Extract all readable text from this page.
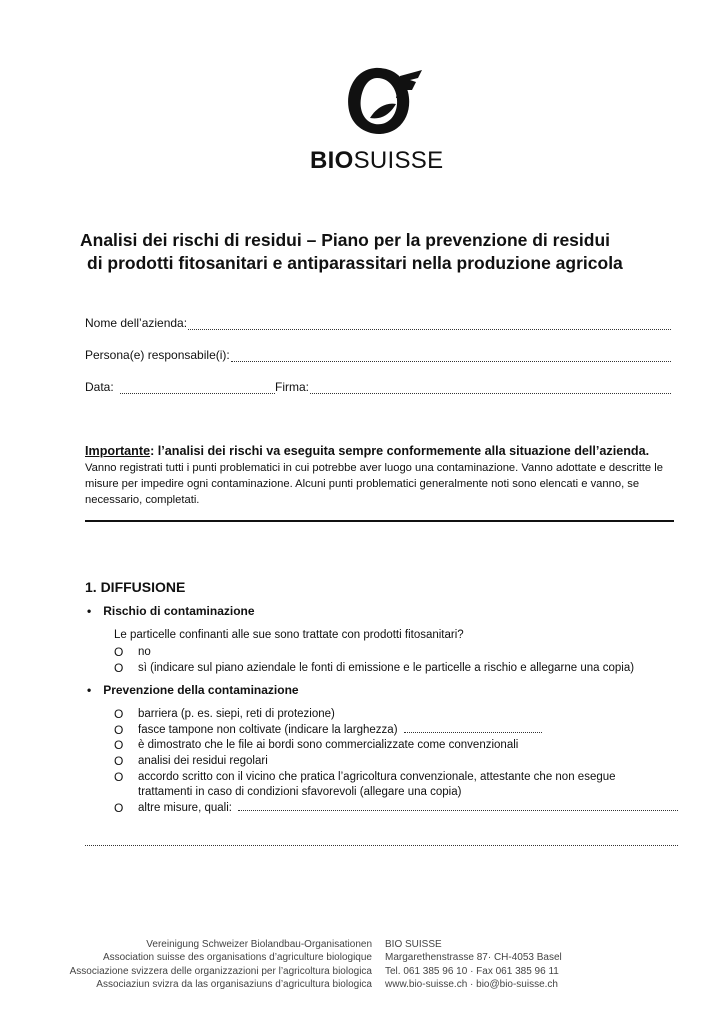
BIOSUISSE
Analisi dei rischi di residui – Piano per la prevenzione di residui
di prodotti fitosanitari e antiparassitari nella produzione agricola
Nome dell’azienda:
Persona(e) responsabile(i):
Data:	Firma:
Importante: l’analisi dei rischi va eseguita sempre conformemente alla situazione dell’azienda. Vanno registrati tutti i punti problematici in cui potrebbe aver luogo una contaminazione. Vanno adottate e descritte le misure per impedire ogni contaminazione. Alcuni punti problematici generalmente noti sono elencati e vanno, se necessario, completati.
1. DIFFUSIONE
• Rischio di contaminazione
Le particelle confinanti alle sue sono trattate con prodotti fitosanitari?
O	no
O	sì (indicare sul piano aziendale le fonti di emissione e le particelle a rischio e allegarne una copia)
• Prevenzione della contaminazione
O	barriera (p. es. siepi, reti di protezione)
O	fasce tampone non coltivate (indicare la larghezza)
O	è dimostrato che le file ai bordi sono commercializzate come convenzionali
O	analisi dei residui regolari
O	accordo scritto con il vicino che pratica l’agricoltura convenzionale, attestante che non esegue
trattamenti in caso di condizioni sfavorevoli (allegare una copia)
O	altre misure, quali:
Vereinigung Schweizer Biolandbau-Organisationen
Association suisse des organisations d’agriculture biologique
Associazione svizzera delle organizzazioni per l’agricoltura biologica
Associaziun svizra da las organisaziuns d’agricultura biologica
BIO SUISSE
Margarethenstrasse 87· CH-4053 Basel
Tel. 061 385 96 10 · Fax 061 385 96 11
www.bio-suisse.ch · bio@bio-suisse.ch
